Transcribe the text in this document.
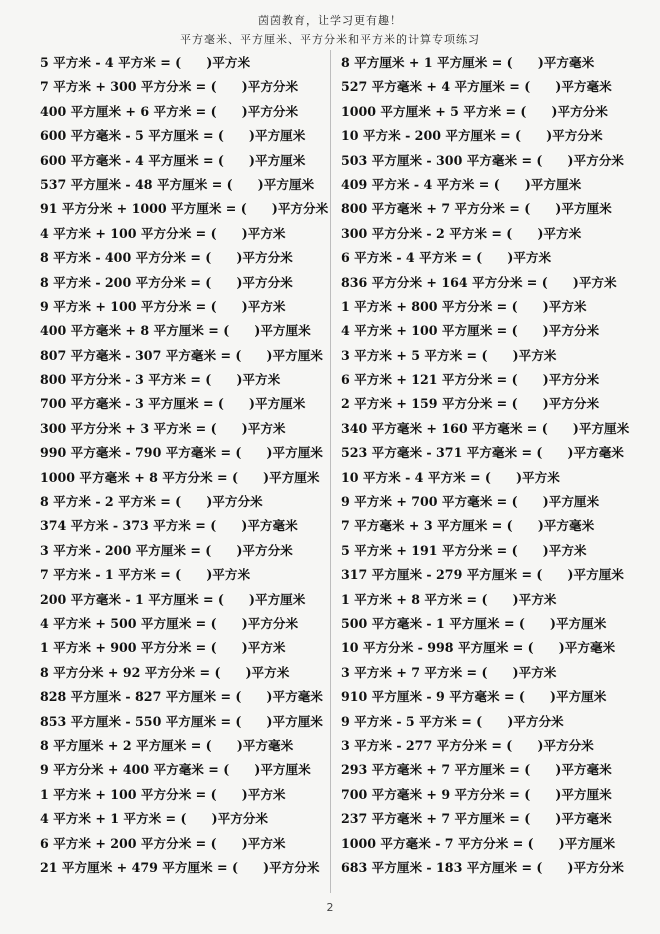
茵茵教育，让学习更有趣！
平方毫米、平方厘米、平方分米和平方米的计算专项练习
5 平方米 - 4 平方米 = (　　)平方米
7 平方米 + 300 平方分米 = (　　)平方分米
400 平方厘米 + 6 平方米 = (　　)平方分米
600 平方毫米 - 5 平方厘米 = (　　)平方厘米
600 平方毫米 - 4 平方厘米 = (　　)平方厘米
537 平方厘米 - 48 平方厘米 = (　　)平方厘米
91 平方分米 + 1000 平方厘米 = (　　)平方分米
4 平方米 + 100 平方分米 = (　　)平方米
8 平方米 - 400 平方分米 = (　　)平方分米
8 平方米 - 200 平方分米 = (　　)平方分米
9 平方米 + 100 平方分米 = (　　)平方米
400 平方毫米 + 8 平方厘米 = (　　)平方厘米
807 平方毫米 - 307 平方毫米 = (　　)平方厘米
800 平方分米 - 3 平方米 = (　　)平方米
700 平方毫米 - 3 平方厘米 = (　　)平方厘米
300 平方分米 + 3 平方米 = (　　)平方米
990 平方毫米 - 790 平方毫米 = (　　)平方厘米
1000 平方毫米 + 8 平方分米 = (　　)平方厘米
8 平方米 - 2 平方米 = (　　)平方分米
374 平方米 - 373 平方米 = (　　)平方毫米
3 平方米 - 200 平方厘米 = (　　)平方分米
7 平方米 - 1 平方米 = (　　)平方米
200 平方毫米 - 1 平方厘米 = (　　)平方厘米
4 平方米 + 500 平方厘米 = (　　)平方分米
1 平方米 + 900 平方分米 = (　　)平方米
8 平方分米 + 92 平方分米 = (　　)平方米
828 平方厘米 - 827 平方厘米 = (　　)平方毫米
853 平方厘米 - 550 平方厘米 = (　　)平方厘米
8 平方厘米 + 2 平方厘米 = (　　)平方毫米
9 平方分米 + 400 平方毫米 = (　　)平方厘米
1 平方米 + 100 平方分米 = (　　)平方米
4 平方米 + 1 平方米 = (　　)平方分米
6 平方米 + 200 平方分米 = (　　)平方米
21 平方厘米 + 479 平方厘米 = (　　)平方分米
8 平方厘米 + 1 平方厘米 = (　　)平方毫米
527 平方毫米 + 4 平方厘米 = (　　)平方毫米
1000 平方厘米 + 5 平方米 = (　　)平方分米
10 平方米 - 200 平方厘米 = (　　)平方分米
503 平方厘米 - 300 平方毫米 = (　　)平方分米
409 平方米 - 4 平方米 = (　　)平方厘米
800 平方毫米 + 7 平方分米 = (　　)平方厘米
300 平方分米 - 2 平方米 = (　　)平方米
6 平方米 - 4 平方米 = (　　)平方米
836 平方分米 + 164 平方分米 = (　　)平方米
1 平方米 + 800 平方分米 = (　　)平方米
4 平方米 + 100 平方厘米 = (　　)平方分米
3 平方米 + 5 平方米 = (　　)平方米
6 平方米 + 121 平方分米 = (　　)平方分米
2 平方米 + 159 平方分米 = (　　)平方分米
340 平方毫米 + 160 平方毫米 = (　　)平方厘米
523 平方毫米 - 371 平方毫米 = (　　)平方毫米
10 平方米 - 4 平方米 = (　　)平方米
9 平方米 + 700 平方毫米 = (　　)平方厘米
7 平方毫米 + 3 平方厘米 = (　　)平方毫米
5 平方米 + 191 平方分米 = (　　)平方米
317 平方厘米 - 279 平方厘米 = (　　)平方厘米
1 平方米 + 8 平方米 = (　　)平方米
500 平方毫米 - 1 平方厘米 = (　　)平方厘米
10 平方分米 - 998 平方厘米 = (　　)平方毫米
3 平方米 + 7 平方米 = (　　)平方米
910 平方厘米 - 9 平方毫米 = (　　)平方厘米
9 平方米 - 5 平方米 = (　　)平方分米
3 平方米 - 277 平方分米 = (　　)平方分米
293 平方毫米 + 7 平方厘米 = (　　)平方毫米
700 平方毫米 + 9 平方分米 = (　　)平方厘米
237 平方毫米 + 7 平方厘米 = (　　)平方毫米
1000 平方毫米 - 7 平方分米 = (　　)平方厘米
683 平方厘米 - 183 平方厘米 = (　　)平方分米
2
